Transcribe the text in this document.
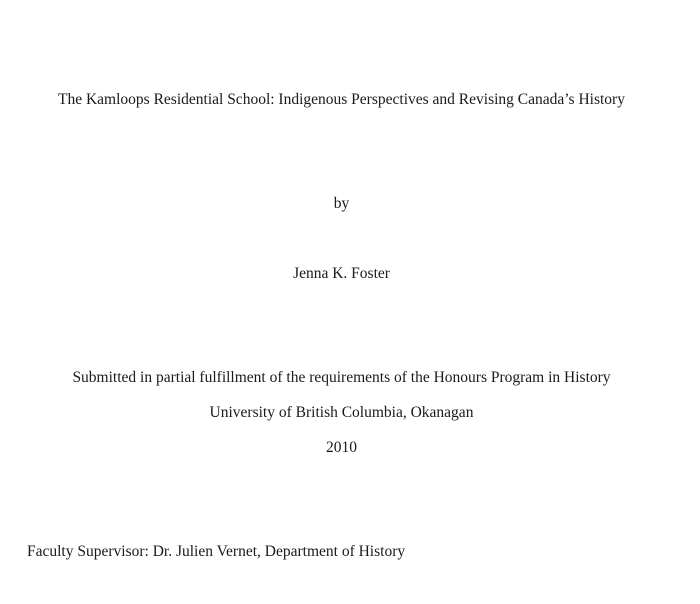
The Kamloops Residential School: Indigenous Perspectives and Revising Canada’s History
by
Jenna K. Foster
Submitted in partial fulfillment of the requirements of the Honours Program in History
University of British Columbia, Okanagan
2010
Faculty Supervisor: Dr. Julien Vernet, Department of History
